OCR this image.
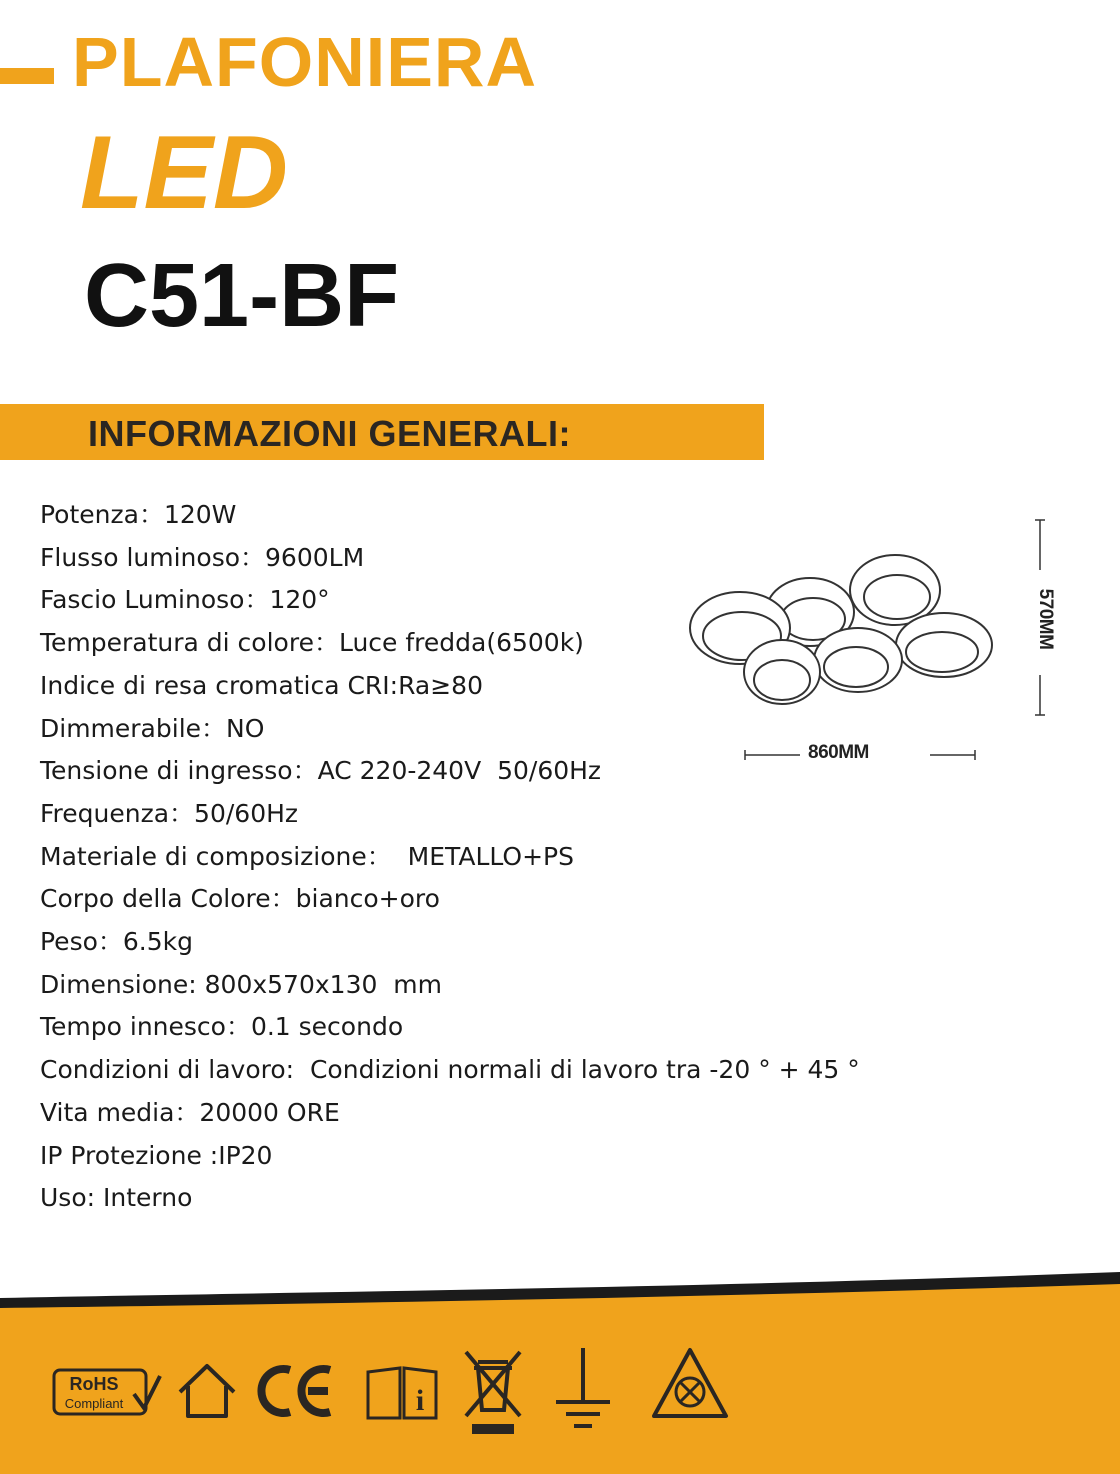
PLAFONIERA
LED
C51-BF
INFORMAZIONI GENERALI:
Potenza：120W
Flusso luminoso：9600LM
Fascio Luminoso：120°
Temperatura di colore：Luce fredda(6500k)
Indice di resa cromatica CRI:Ra≥80
Dimmerabile：NO
Tensione di ingresso：AC 220-240V  50/60Hz
Frequenza：50/60Hz
Materiale di composizione：  METALLO+PS
Corpo della Colore：bianco+oro
Peso：6.5kg
Dimensione: 800x570x130  mm
Tempo innesco：0.1 secondo
Condizioni di lavoro:  Condizioni normali di lavoro tra -20 ° + 45 °
Vita media：20000 ORE
IP Protezione :IP20
Uso: Interno
860MM
570MM
RoHS
Compliant	i
